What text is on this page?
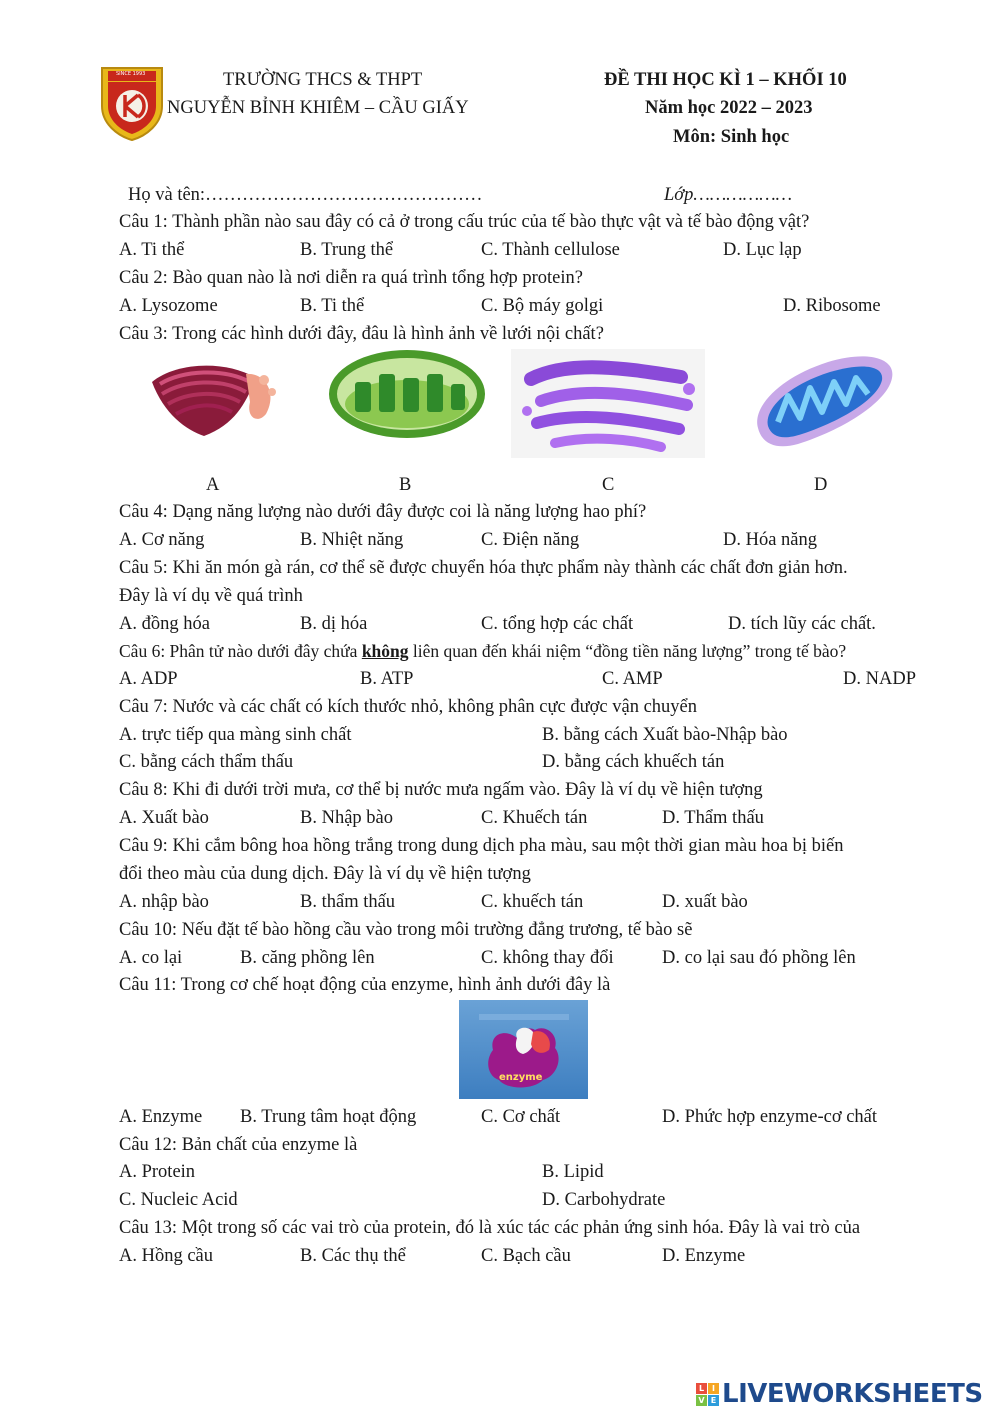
SINCE 1993	TRƯỜNG THCS & THPT
NGUYỄN BỈNH KHIÊM – CẦU GIẤY
ĐỀ THI HỌC KÌ 1 – KHỐI 10
Năm học 2022 – 2023
Môn: Sinh học
Họ và tên:………………………………………	Lớp………………
Câu 1: Thành phần nào sau đây có cả ở trong cấu trúc của tế bào thực vật và tế bào động vật?
A. Ti thể	B. Trung thể	C. Thành cellulose	D. Lục lạp
Câu 2: Bào quan nào là nơi diễn ra quá trình tổng hợp protein?
A. Lysozome	B. Ti thể	C. Bộ máy golgi	D. Ribosome
Câu 3: Trong các hình dưới đây, đâu là hình ảnh về lưới nội chất?
A	B	C	D
Câu 4: Dạng năng lượng nào dưới đây được coi là năng lượng hao phí?
A. Cơ năng	B. Nhiệt năng	C. Điện năng	D. Hóa năng
Câu 5: Khi ăn món gà rán, cơ thể sẽ được chuyển hóa thực phẩm này thành các chất đơn giản hơn.
Đây là ví dụ về quá trình
A. đồng hóa	B. dị hóa	C. tổng hợp các chất	D. tích lũy các chất.
Câu 6: Phân tử nào dưới đây chứa không liên quan đến khái niệm “đồng tiền năng lượng” trong tế bào?
A. ADP	B. ATP	C. AMP	D. NADP
Câu 7: Nước và các chất có kích thước nhỏ, không phân cực được vận chuyển
A. trực tiếp qua màng sinh chất	B. bằng cách Xuất bào-Nhập bào
C. bằng cách thẩm thấu	D. bằng cách khuếch tán
Câu 8: Khi đi dưới trời mưa, cơ thể bị nước mưa ngấm vào. Đây là ví dụ về hiện tượng
A. Xuất bào	B. Nhập bào	C. Khuếch tán	D. Thẩm thấu
Câu 9: Khi cắm bông hoa hồng trắng trong dung dịch pha màu, sau một thời gian màu hoa bị biến
đổi theo màu của dung dịch. Đây là ví dụ về hiện tượng
A. nhập bào	B. thẩm thấu	C. khuếch tán	D. xuất bào
Câu 10: Nếu đặt tế bào hồng cầu vào trong môi trường đẳng trương, tế bào sẽ
A. co lại	B. căng phồng lên	C. không thay đổi	D. co lại sau đó phồng lên
Câu 11: Trong cơ chế hoạt động của enzyme, hình ảnh dưới đây là
enzyme
A. Enzyme B. Trung tâm hoạt động	C. Cơ chất	D. Phức hợp enzyme-cơ chất
Câu 12: Bản chất của enzyme là
A. Protein	B. Lipid
C. Nucleic Acid	D. Carbohydrate
Câu 13: Một trong số các vai trò của protein, đó là xúc tác các phản ứng sinh hóa. Đây là vai trò của
A. Hồng cầu	B. Các thụ thể	C. Bạch cầu	D. Enzyme
L I
V E LIVEWORKSHEETS
